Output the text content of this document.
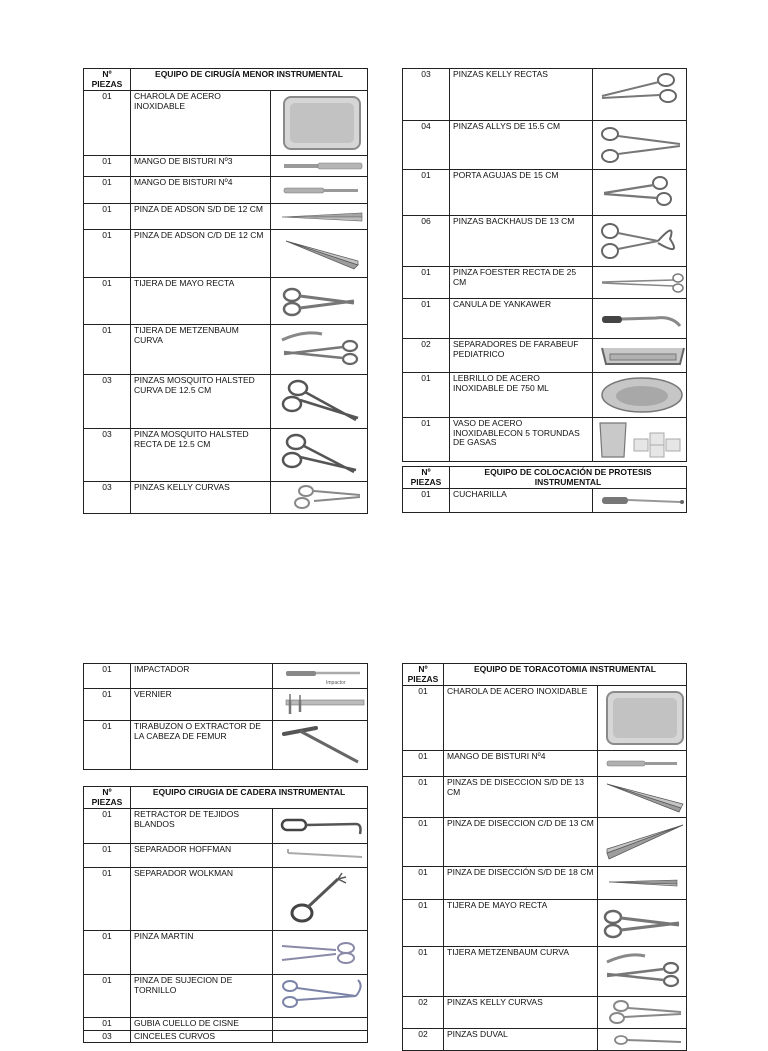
Nº PIEZAS	EQUIPO DE CIRUGÍA MENOR INSTRUMENTAL	
01	CHAROLA DE ACERO INOXIDABLE	

01	MANGO DE BISTURI Nº3	

01	MANGO DE BISTURI Nº4	

01	PINZA DE ADSON S/D DE 12 CM	

01	PINZA DE ADSON C/D DE 12 CM	

01	TIJERA DE MAYO RECTA	

01	TIJERA DE METZENBAUM CURVA	

03	PINZAS MOSQUITO HALSTED CURVA DE 12.5 CM	

03	PINZA MOSQUITO HALSTED RECTA DE 12.5 CM	

03	PINZAS KELLY CURVAS	
03	PINZAS KELLY RECTAS	

04	PINZAS ALLYS DE 15.5 CM	

01	PORTA AGUJAS DE 15 CM	

06	PINZAS BACKHAUS DE 13 CM	

01	PINZA FOESTER RECTA DE 25 CM	

01	CANULA DE YANKAWER	

02	SEPARADORES DE FARABEUF PEDIATRICO	

01	LEBRILLO DE ACERO INOXIDABLE DE 750 ML	

01	VASO DE ACERO INOXIDABLECON 5 TORUNDAS DE GASAS	
Nº PIEZAS	EQUIPO DE COLOCACIÓN DE PROTESIS INSTRUMENTAL	
01	CUCHARILLA	
01	IMPACTADOR	Impactor

01	VERNIER	

01	TIRABUZON O EXTRACTOR DE LA CABEZA DE FEMUR	
Nº PIEZAS	EQUIPO CIRUGIA DE CADERA INSTRUMENTAL	
01	RETRACTOR DE TEJIDOS BLANDOS	

01	SEPARADOR HOFFMAN	

01	SEPARADOR WOLKMAN	

01	PINZA MARTIN	

01	PINZA DE SUJECION DE TORNILLO	

01	GUBIA CUELLO DE CISNE	
03	CINCELES CURVOS	
Nº PIEZAS	EQUIPO DE TORACOTOMIA INSTRUMENTAL	
01	CHAROLA DE ACERO INOXIDABLE	

01	MANGO DE BISTURI Nº4	

01	PINZAS DE DISECCION S/D DE 13 CM	

01	PINZA DE DISECCION C/D DE 13 CM	

01	PINZA DE DISECCIÓN S/D DE 18 CM	

01	TIJERA DE MAYO RECTA	

01	TIJERA METZENBAUM CURVA	

02	PINZAS KELLY CURVAS	

02	PINZAS DUVAL	
